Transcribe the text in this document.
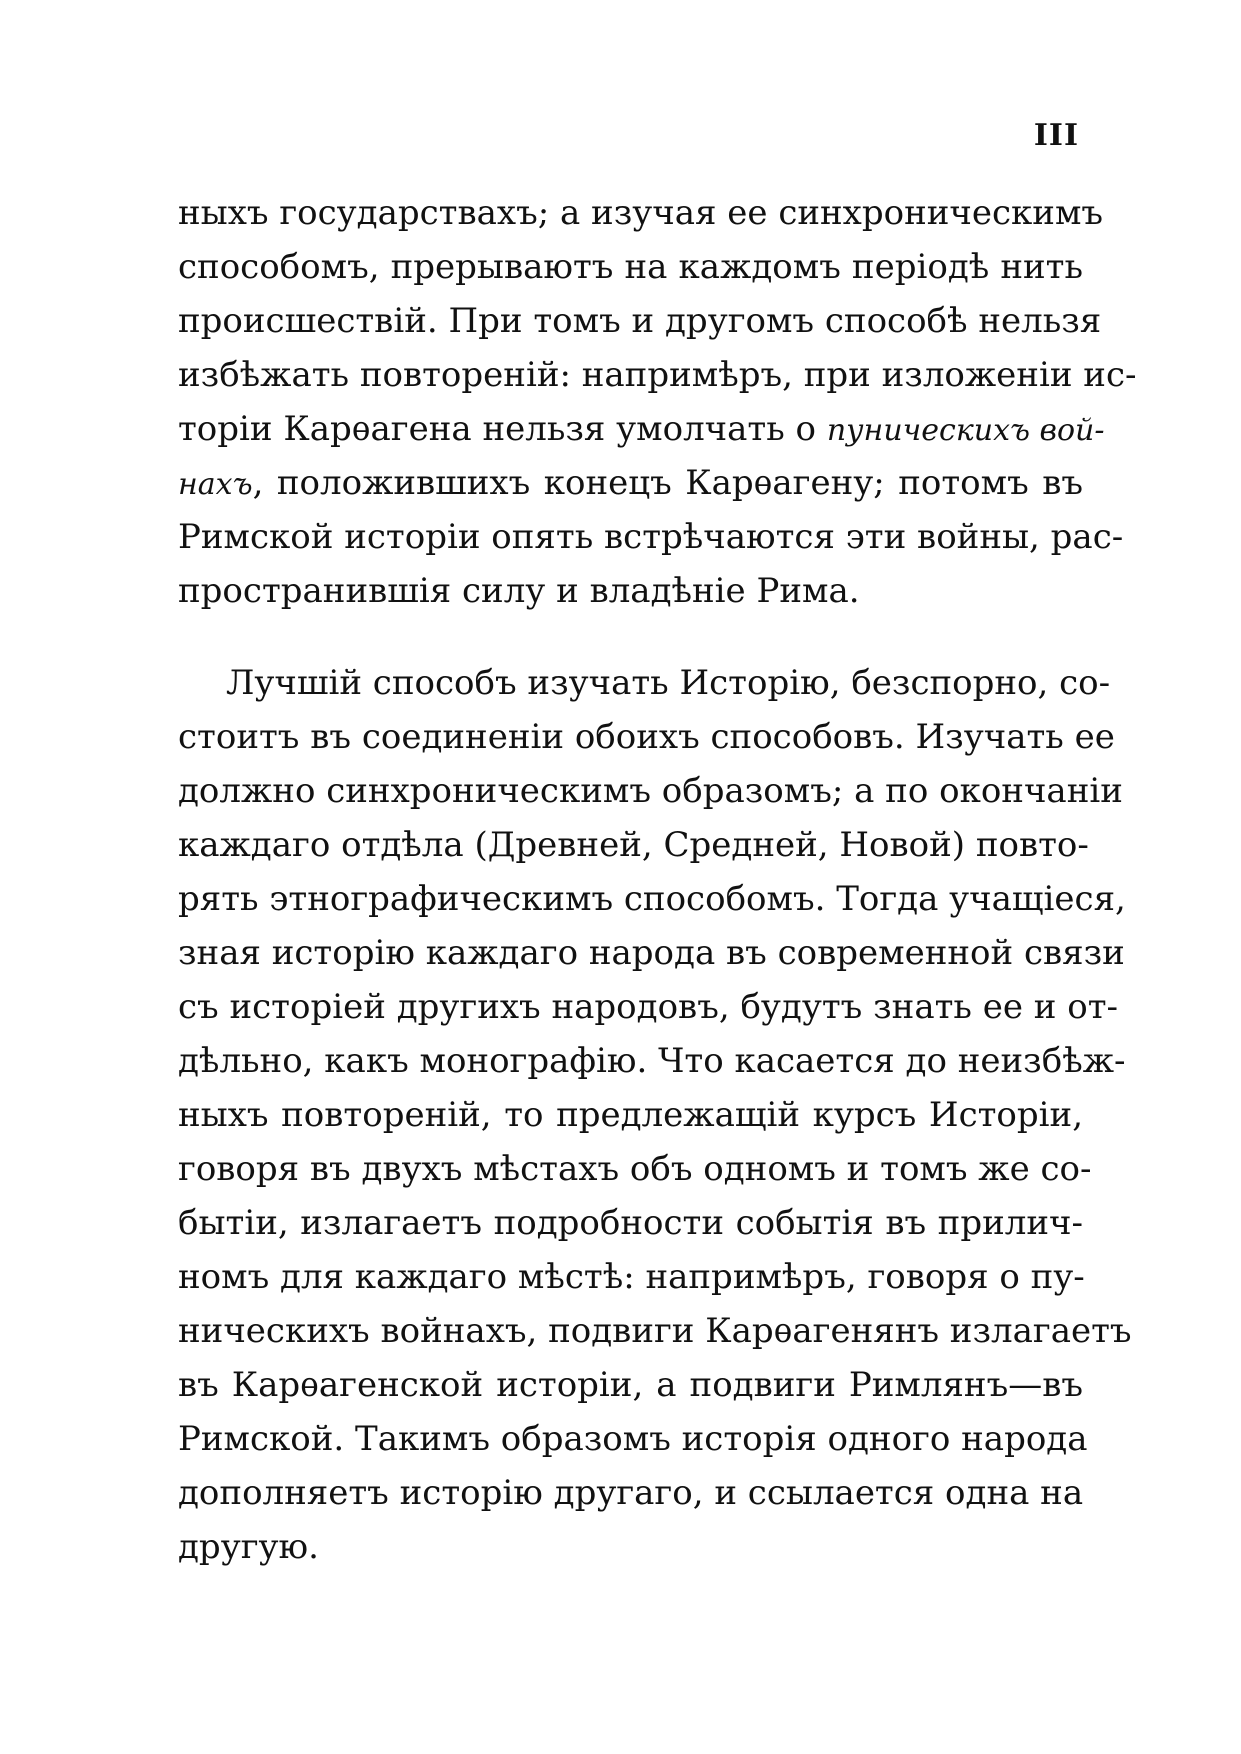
III
ныхъ государствахъ; а изучая ее синхроническимъ
способомъ, прерываютъ на каждомъ періодѣ нить
происшествій. При томъ и другомъ способѣ нельзя
избѣжать повтореній: напримѣръ, при изложеніи ис-
торіи Карѳагена нельзя умолчать о пуническихъ вой-
нахъ, положившихъ конецъ Карѳагену; потомъ въ
Римской исторіи опять встрѣчаются эти войны, рас-
пространившія силу и владѣніе Рима.
Лучшій способъ изучать Исторію, безспорно, со-
стоитъ въ соединеніи обоихъ способовъ. Изучать ее
должно синхроническимъ образомъ; а по окончаніи
каждаго отдѣла (Древней, Средней, Новой) повто-
рять этнографическимъ способомъ. Тогда учащіеся,
зная исторію каждаго народа въ современной связи
съ исторіей другихъ народовъ, будутъ знать ее и от-
дѣльно, какъ монографію. Что касается до неизбѣж-
ныхъ повтореній, то предлежащій курсъ Исторіи,
говоря въ двухъ мѣстахъ объ одномъ и томъ же со-
бытіи, излагаетъ подробности событія въ прилич-
номъ для каждаго мѣстѣ: напримѣръ, говоря о пу-
ническихъ войнахъ, подвиги Карѳагенянъ излагаетъ
въ Карѳагенской исторіи, а подвиги Римлянъ—въ
Римской. Такимъ образомъ исторія одного народа
дополняетъ исторію другаго, и ссылается одна на
другую.
